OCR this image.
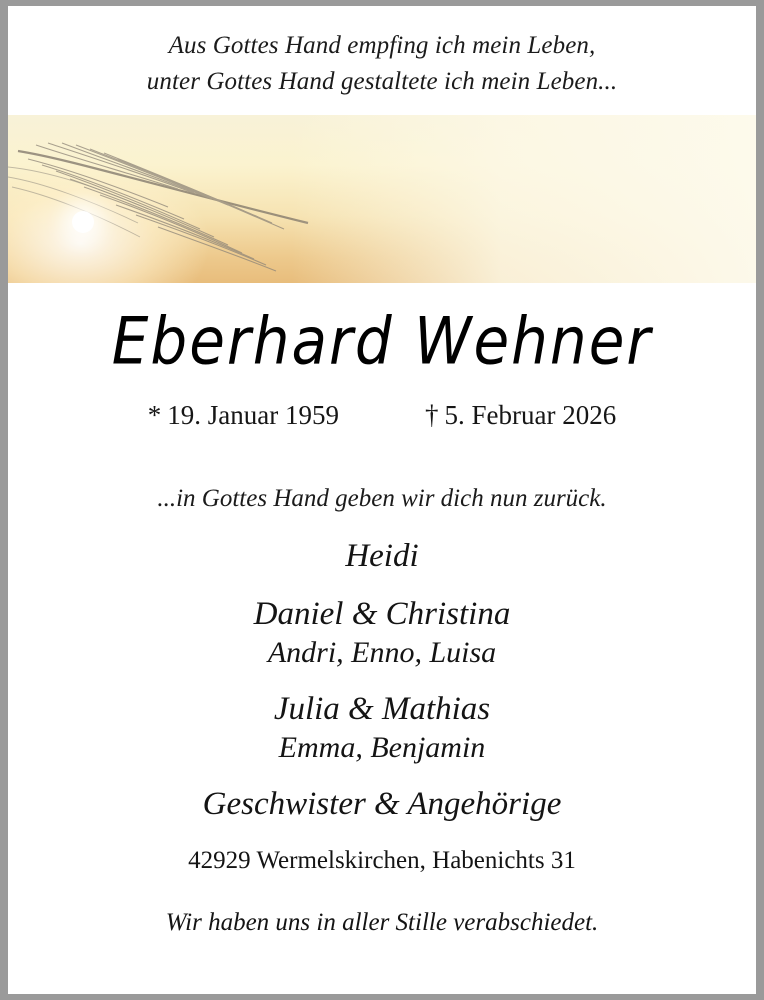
Aus Gottes Hand empfing ich mein Leben,
unter Gottes Hand gestaltete ich mein Leben...
Eberhard Wehner
* 19. Januar 1959	† 5. Februar 2026
...in Gottes Hand geben wir dich nun zurück.
Heidi
Daniel & Christina
Andri, Enno, Luisa
Julia & Mathias
Emma, Benjamin
Geschwister & Angehörige
42929 Wermelskirchen, Habenichts 31
Wir haben uns in aller Stille verabschiedet.
